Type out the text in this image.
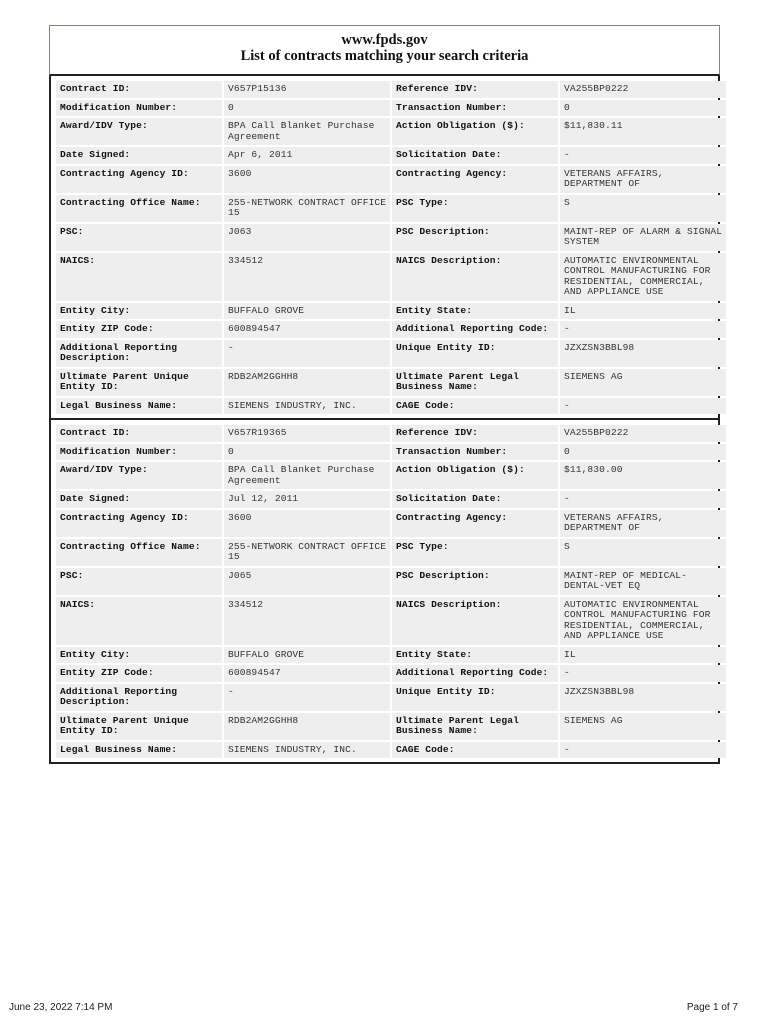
www.fpds.gov
List of contracts matching your search criteria
Contract ID:	V657P15136	Reference IDV:	VA255BP0222
Modification Number:	0	Transaction Number:	0
Award/IDV Type:	BPA Call Blanket Purchase Agreement	Action Obligation ($):	$11,830.11
Date Signed:	Apr 6, 2011	Solicitation Date:	-
Contracting Agency ID:	3600	Contracting Agency:	VETERANS AFFAIRS, DEPARTMENT OF
Contracting Office Name:	255-NETWORK CONTRACT OFFICE 15	PSC Type:	S
PSC:	J063	PSC Description:	MAINT-REP OF ALARM & SIGNAL SYSTEM
NAICS:	334512	NAICS Description:	AUTOMATIC ENVIRONMENTAL CONTROL MANUFACTURING FOR RESIDENTIAL, COMMERCIAL, AND APPLIANCE USE
Entity City:	BUFFALO GROVE	Entity State:	IL
Entity ZIP Code:	600894547	Additional Reporting Code:	-
Additional Reporting Description:	-	Unique Entity ID:	JZXZSN3BBL98
Ultimate Parent Unique Entity ID:	RDB2AM2GGHH8	Ultimate Parent Legal Business Name:	SIEMENS AG
Legal Business Name:	SIEMENS INDUSTRY, INC.	CAGE Code:	-
Contract ID:	V657R19365	Reference IDV:	VA255BP0222
Modification Number:	0	Transaction Number:	0
Award/IDV Type:	BPA Call Blanket Purchase Agreement	Action Obligation ($):	$11,830.00
Date Signed:	Jul 12, 2011	Solicitation Date:	-
Contracting Agency ID:	3600	Contracting Agency:	VETERANS AFFAIRS, DEPARTMENT OF
Contracting Office Name:	255-NETWORK CONTRACT OFFICE 15	PSC Type:	S
PSC:	J065	PSC Description:	MAINT-REP OF MEDICAL-DENTAL-VET EQ
NAICS:	334512	NAICS Description:	AUTOMATIC ENVIRONMENTAL CONTROL MANUFACTURING FOR RESIDENTIAL, COMMERCIAL, AND APPLIANCE USE
Entity City:	BUFFALO GROVE	Entity State:	IL
Entity ZIP Code:	600894547	Additional Reporting Code:	-
Additional Reporting Description:	-	Unique Entity ID:	JZXZSN3BBL98
Ultimate Parent Unique Entity ID:	RDB2AM2GGHH8	Ultimate Parent Legal Business Name:	SIEMENS AG
Legal Business Name:	SIEMENS INDUSTRY, INC.	CAGE Code:	-
June 23, 2022 7:14 PM	Page 1 of 7
